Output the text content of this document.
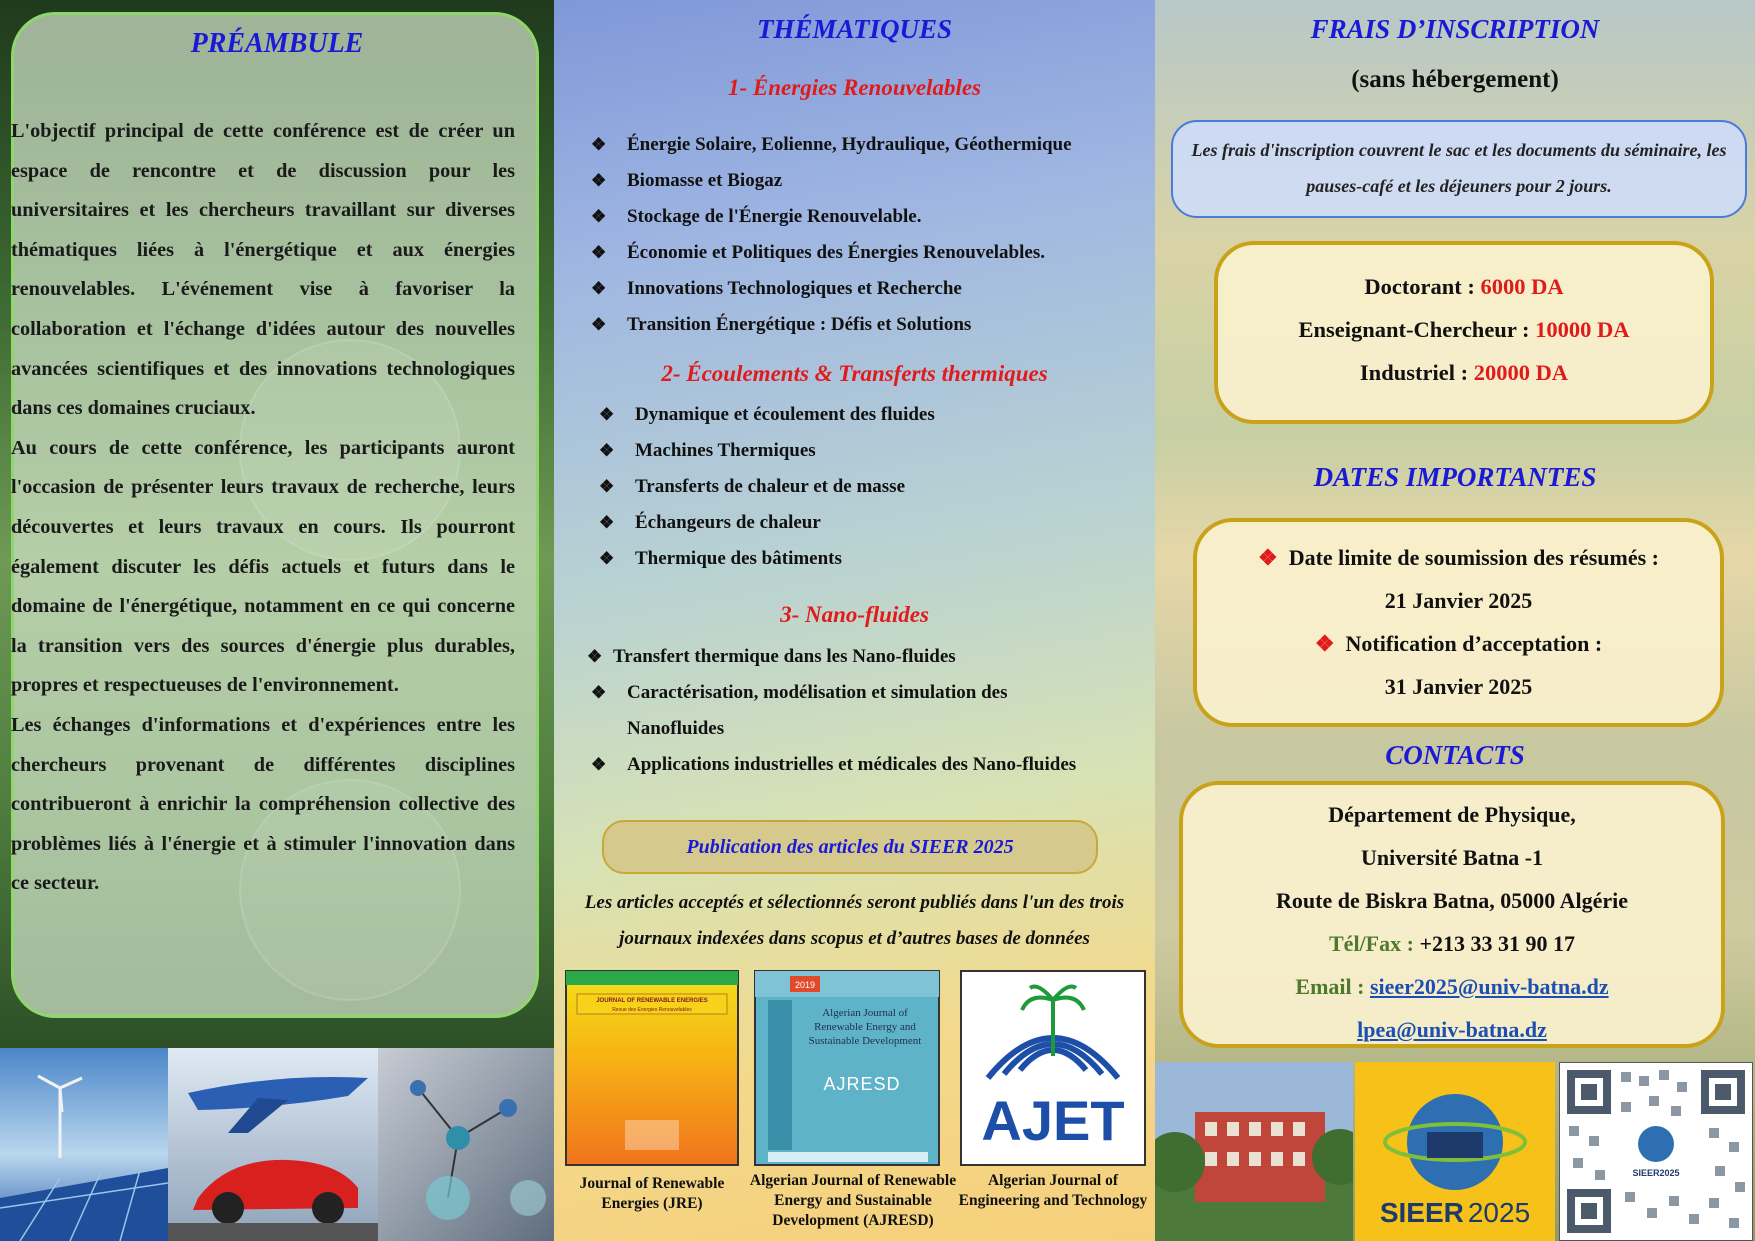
PRÉAMBULE

L'objectif principal de cette conférence est de créer un espace de rencontre et de discussion pour les universitaires et les chercheurs travaillant sur diverses thématiques liées à l'énergétique et aux énergies renouvelables. L'événement vise à favoriser la collaboration et l'échange d'idées autour des nouvelles avancées scientifiques et des innovations technologiques dans ces domaines cruciaux.

Au cours de cette conférence, les participants auront l'occasion de présenter leurs travaux de recherche, leurs découvertes et leurs travaux en cours. Ils pourront également discuter les défis actuels et futurs dans le domaine de l'énergétique, notamment en ce qui concerne la transition vers des sources d'énergie plus durables, propres et respectueuses de l'environnement.

Les échanges d'informations et d'expériences entre les chercheurs provenant de différentes disciplines contribueront à enrichir la compréhension collective des problèmes liés à l'énergie et à stimuler l'innovation dans ce secteur.

THÉMATIQUES
1- Énergies Renouvelables
❖ Énergie Solaire, Eolienne, Hydraulique, Géothermique
❖ Biomasse et Biogaz
❖ Stockage de l'Énergie Renouvelable.
❖ Économie et Politiques des Énergies Renouvelables.
❖ Innovations Technologiques et Recherche
❖ Transition Énergétique : Défis et Solutions
2- Écoulements & Transferts thermiques
❖ Dynamique et écoulement des fluides
❖ Machines Thermiques
❖ Transferts de chaleur et de masse
❖ Échangeurs de chaleur
❖ Thermique des bâtiments
3- Nano-fluides
❖ Transfert thermique dans les Nano-fluides
❖ Caractérisation, modélisation et simulation des
Nanofluides
❖ Applications industrielles et médicales des Nano-fluides
Publication des articles du SIEER 2025
Les articles acceptés et sélectionnés seront publiés dans l'un des trois journaux indexées dans scopus et d’autres bases de données
JOURNAL OF RENEWABLE ENERGIES
Revue des Energies Renouvelables
Journal of Renewable Energies (JRE)
2019
Algerian Journal of Renewable Energy and Sustainable Development
AJRESD
Algerian Journal of Renewable Energy and Sustainable Development (AJRESD)
AJET
Algerian Journal of Engineering and Technology
FRAIS D’INSCRIPTION
(sans hébergement)
Les frais d'inscription couvrent le sac et les documents du séminaire, les pauses-café et les déjeuners pour 2 jours.
Doctorant : 6000 DA
Enseignant-Chercheur : 10000 DA
Industriel : 20000 DA
DATES IMPORTANTES
❖ Date limite de soumission des résumés :
21 Janvier 2025
❖ Notification d’acceptation :
31 Janvier 2025
CONTACTS
Département de Physique,
Université Batna -1
Route de Biskra Batna, 05000 Algérie
Tél/Fax : +213 33 31 90 17
Email : sieer2025@univ-batna.dz
lpea@univ-batna.dz
SIEER 2025
SIEER2025
